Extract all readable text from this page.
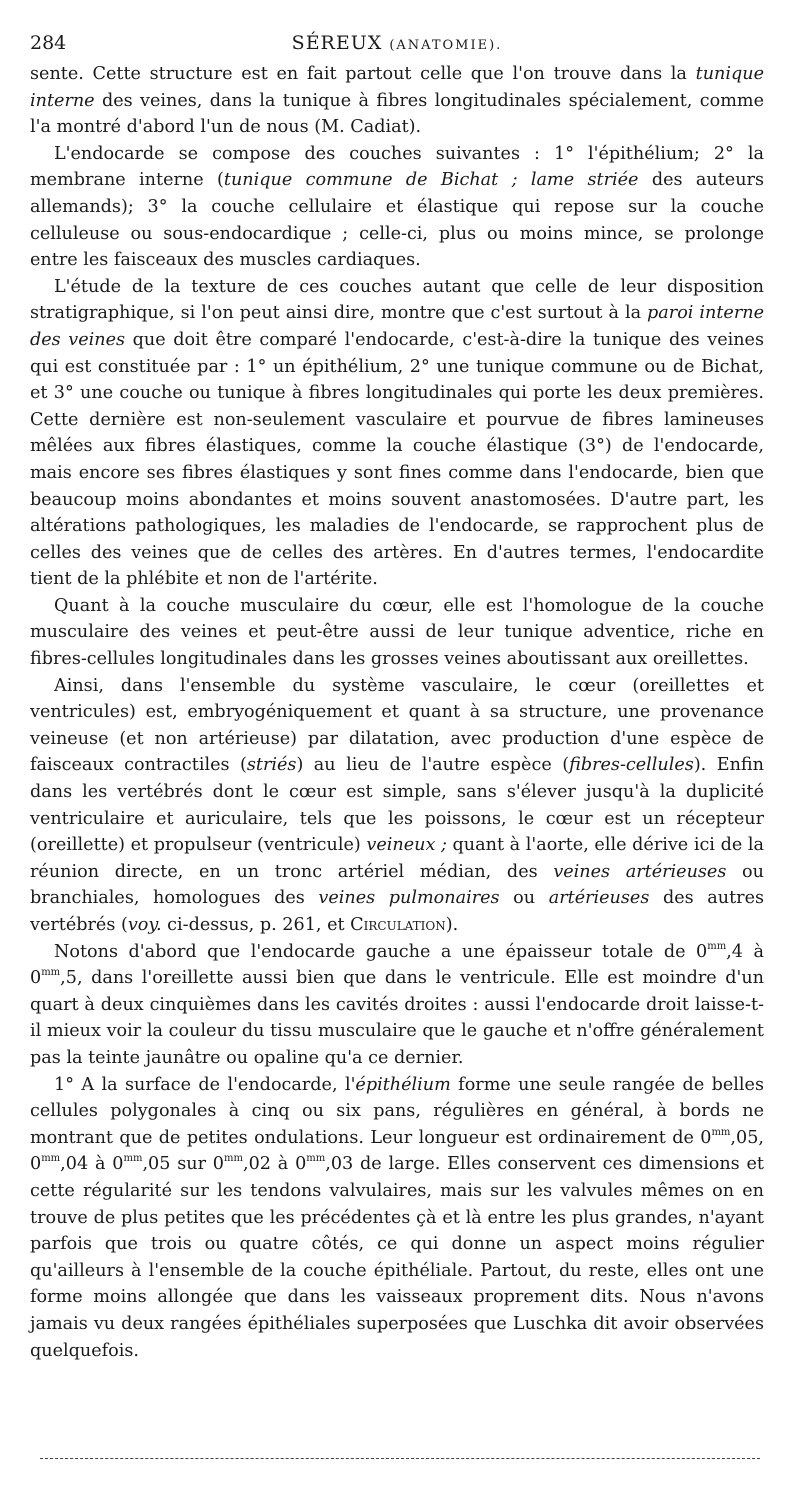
284	SÉREUX (ANATOMIE).

sente. Cette structure est en fait partout celle que l'on trouve dans la tunique interne des veines, dans la tunique à fibres longitudinales spécialement, comme l'a montré d'abord l'un de nous (M. Cadiat).

L'endocarde se compose des couches suivantes : 1° l'épithélium; 2° la membrane interne (tunique commune de Bichat ; lame striée des auteurs allemands); 3° la couche cellulaire et élastique qui repose sur la couche celluleuse ou sous-endocardique ; celle-ci, plus ou moins mince, se prolonge entre les faisceaux des muscles cardiaques.

L'étude de la texture de ces couches autant que celle de leur disposition stratigraphique, si l'on peut ainsi dire, montre que c'est surtout à la paroi interne des veines que doit être comparé l'endocarde, c'est-à-dire la tunique des veines qui est constituée par : 1° un épithélium, 2° une tunique commune ou de Bichat, et 3° une couche ou tunique à fibres longitudinales qui porte les deux premières. Cette dernière est non-seulement vasculaire et pourvue de fibres lamineuses mêlées aux fibres élastiques, comme la couche élastique (3°) de l'endocarde, mais encore ses fibres élastiques y sont fines comme dans l'endocarde, bien que beaucoup moins abondantes et moins souvent anastomosées. D'autre part, les altérations pathologiques, les maladies de l'endocarde, se rapprochent plus de celles des veines que de celles des artères. En d'autres termes, l'endocardite tient de la phlébite et non de l'artérite.

Quant à la couche musculaire du cœur, elle est l'homologue de la couche musculaire des veines et peut-être aussi de leur tunique adventice, riche en fibres-cellules longitudinales dans les grosses veines aboutissant aux oreillettes.

Ainsi, dans l'ensemble du système vasculaire, le cœur (oreillettes et ventricules) est, embryogéniquement et quant à sa structure, une provenance veineuse (et non artérieuse) par dilatation, avec production d'une espèce de faisceaux contractiles (striés) au lieu de l'autre espèce (fibres-cellules). Enfin dans les vertébrés dont le cœur est simple, sans s'élever jusqu'à la duplicité ventriculaire et auriculaire, tels que les poissons, le cœur est un récepteur (oreillette) et propulseur (ventricule) veineux ; quant à l'aorte, elle dérive ici de la réunion directe, en un tronc artériel médian, des veines artérieuses ou branchiales, homologues des veines pulmonaires ou artérieuses des autres vertébrés (voy. ci-dessus, p. 261, et Circulation).

Notons d'abord que l'endocarde gauche a une épaisseur totale de $0^{mm},4$ à $0^{mm},5$, dans l'oreillette aussi bien que dans le ventricule. Elle est moindre d'un quart à deux cinquièmes dans les cavités droites : aussi l'endocarde droit laisse-t-il mieux voir la couleur du tissu musculaire que le gauche et n'offre généralement pas la teinte jaunâtre ou opaline qu'a ce dernier.

1° A la surface de l'endocarde, l'épithélium forme une seule rangée de belles cellules polygonales à cinq ou six pans, régulières en général, à bords ne montrant que de petites ondulations. Leur longueur est ordinairement de $0^{mm},05$, $0^{mm},04$ à $0^{mm},05$ sur $0^{mm},02$ à $0^{mm},03$ de large. Elles conservent ces dimensions et cette régularité sur les tendons valvulaires, mais sur les valvules mêmes on en trouve de plus petites que les précédentes çà et là entre les plus grandes, n'ayant parfois que trois ou quatre côtés, ce qui donne un aspect moins régulier qu'ailleurs à l'ensemble de la couche épithéliale. Partout, du reste, elles ont une forme moins allongée que dans les vaisseaux proprement dits. Nous n'avons jamais vu deux rangées épithéliales superposées que Luschka dit avoir observées quelquefois.
